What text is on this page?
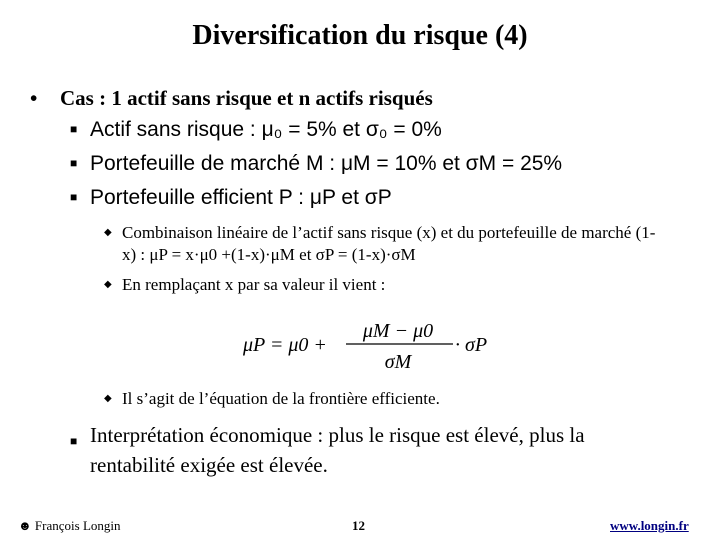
Diversification du risque (4)
• Cas : 1 actif sans risque et n actifs risqués
■ Actif sans risque : μ₀ = 5% et σ₀ = 0%
■ Portefeuille de marché M : μM = 10% et σM = 25%
■ Portefeuille efficient P : μP et σP
◆ Combinaison linéaire de l’actif sans risque (x) et du portefeuille de marché (1-x) : μP = x·μ0 +(1-x)·μM et σP = (1-x)·σM
◆ En remplaçant x par sa valeur il vient :
μP = μ0 +
μM − μ0
σM
· σP
◆ Il s’agit de l’équation de la frontière efficiente.
■ Interprétation économique : plus le risque est élevé, plus la rentabilité exigée est élevée.
☻ François Longin	12	www.longin.fr
